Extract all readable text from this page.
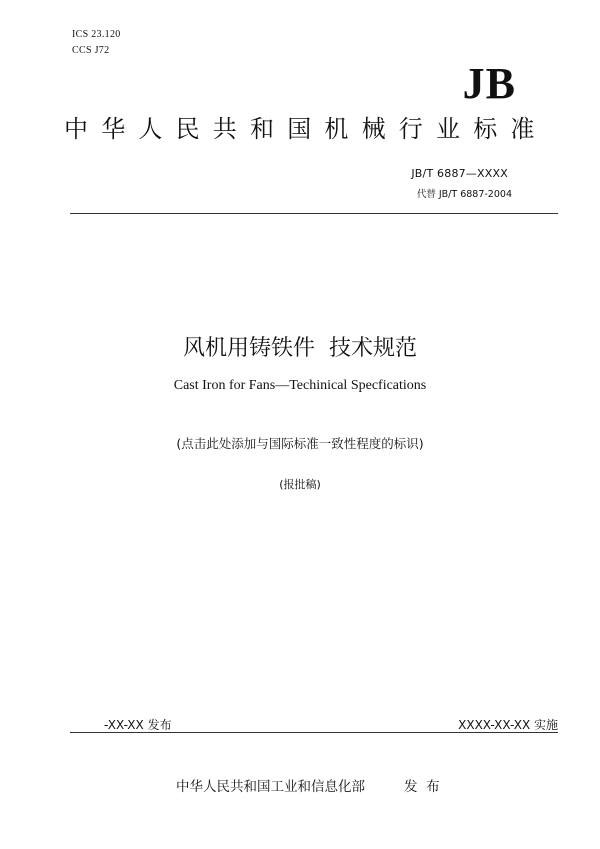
ICS 23.120
CCS J72
JB
中华人民共和国机械行业标准
JB/T 6887—XXXX
代替 JB/T 6887-2004
风机用铸铁件  技术规范
Cast Iron for Fans—Techinical Specfications
(点击此处添加与国际标准一致性程度的标识)
(报批稿)
-XX-XX 发布	XXXX-XX-XX 实施
中华人民共和国工业和信息化部	发  布
